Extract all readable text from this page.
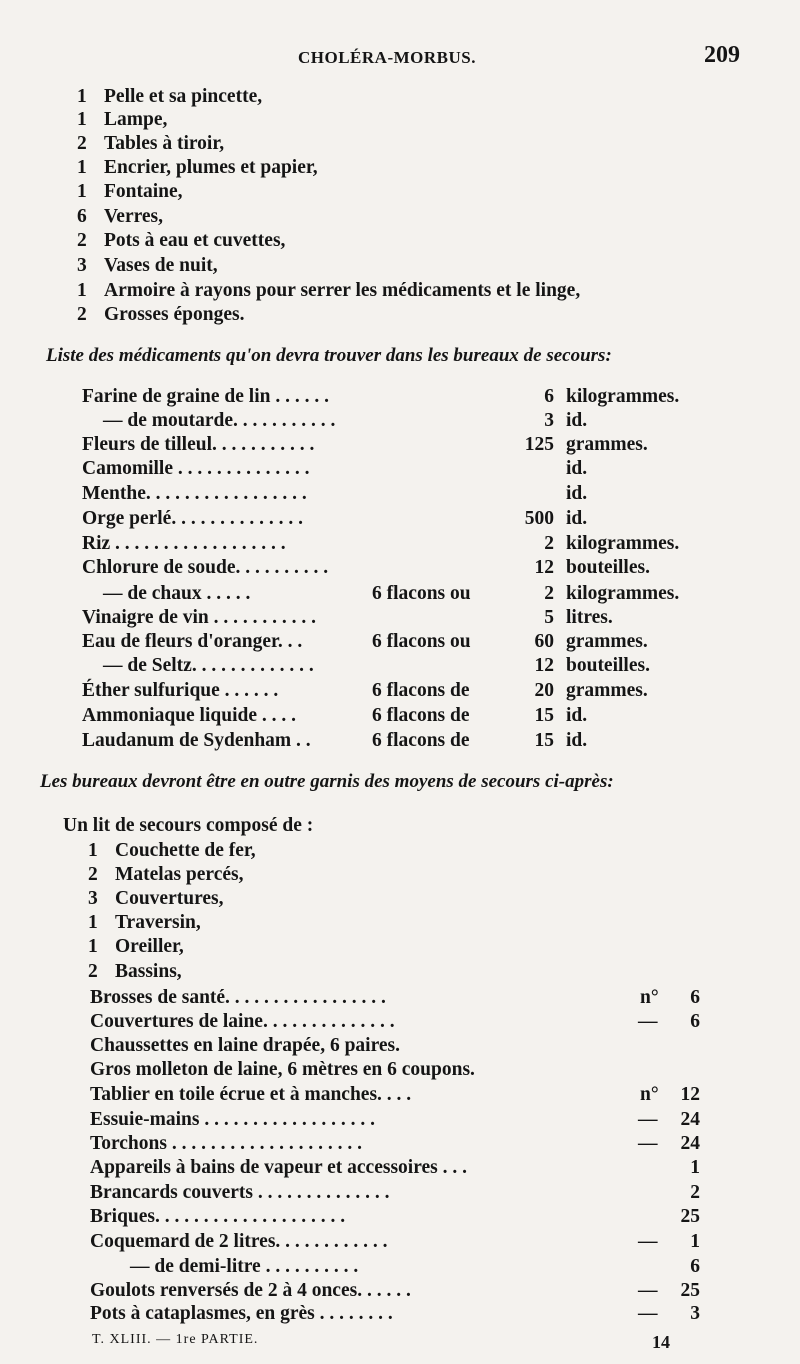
CHOLÉRA-MORBUS.	209
1 Pelle et sa pincette,
1 Lampe,
2 Tables à tiroir,
1 Encrier, plumes et papier,
1 Fontaine,
6 Verres,
2 Pots à eau et cuvettes,
3 Vases de nuit,
1 Armoire à rayons pour serrer les médicaments et le linge,
2 Grosses éponges.
Liste des médicaments qu'on devra trouver dans les bureaux de secours:
Farine de graine de lin . . . . . .	6 kilogrammes.
— de moutarde. . . . . . . . . . .	3 id.
Fleurs de tilleul. . . . . . . . . . .	125 grammes.
Camomille . . . . . . . . . . . . . .	id.
Menthe. . . . . . . . . . . . . . . . .	id.
Orge perlé. . . . . . . . . . . . . .	500 id.
Riz . . . . . . . . . . . . . . . . . .	2 kilogrammes.
Chlorure de soude. . . . . . . . . .	12 bouteilles.
— de chaux . . . . .	6 flacons ou	2 kilogrammes.
Vinaigre de vin . . . . . . . . . . .	5 litres.
Eau de fleurs d'oranger. . .	6 flacons ou	60 grammes.
— de Seltz. . . . . . . . . . . . .	12 bouteilles.
Éther sulfurique . . . . . .	6 flacons de	20 grammes.
Ammoniaque liquide . . . .	6 flacons de	15 id.
Laudanum de Sydenham . .	6 flacons de	15 id.
Les bureaux devront être en outre garnis des moyens de secours ci-après:
Un lit de secours composé de :
1 Couchette de fer,
2 Matelas percés,
3 Couvertures,
1 Traversin,
1 Oreiller,
2 Bassins,
Brosses de santé. . . . . . . . . . . . . . . . .	n° 6
Couvertures de laine. . . . . . . . . . . . . .	— 6
Chaussettes en laine drapée, 6 paires.
Gros molleton de laine, 6 mètres en 6 coupons.
Tablier en toile écrue et à manches. . . .	n° 12
Essuie-mains . . . . . . . . . . . . . . . . . .	— 24
Torchons . . . . . . . . . . . . . . . . . . . .	— 24
Appareils à bains de vapeur et accessoires . . .	1
Brancards couverts . . . . . . . . . . . . . .	2
Briques. . . . . . . . . . . . . . . . . . . .	25
Coquemard de 2 litres. . . . . . . . . . . .	— 1
— de demi-litre . . . . . . . . . .	6
Goulots renversés de 2 à 4 onces. . . . . .	— 25
Pots à cataplasmes, en grès . . . . . . . .	— 3
T. XLIII. — 1re PARTIE.	14
